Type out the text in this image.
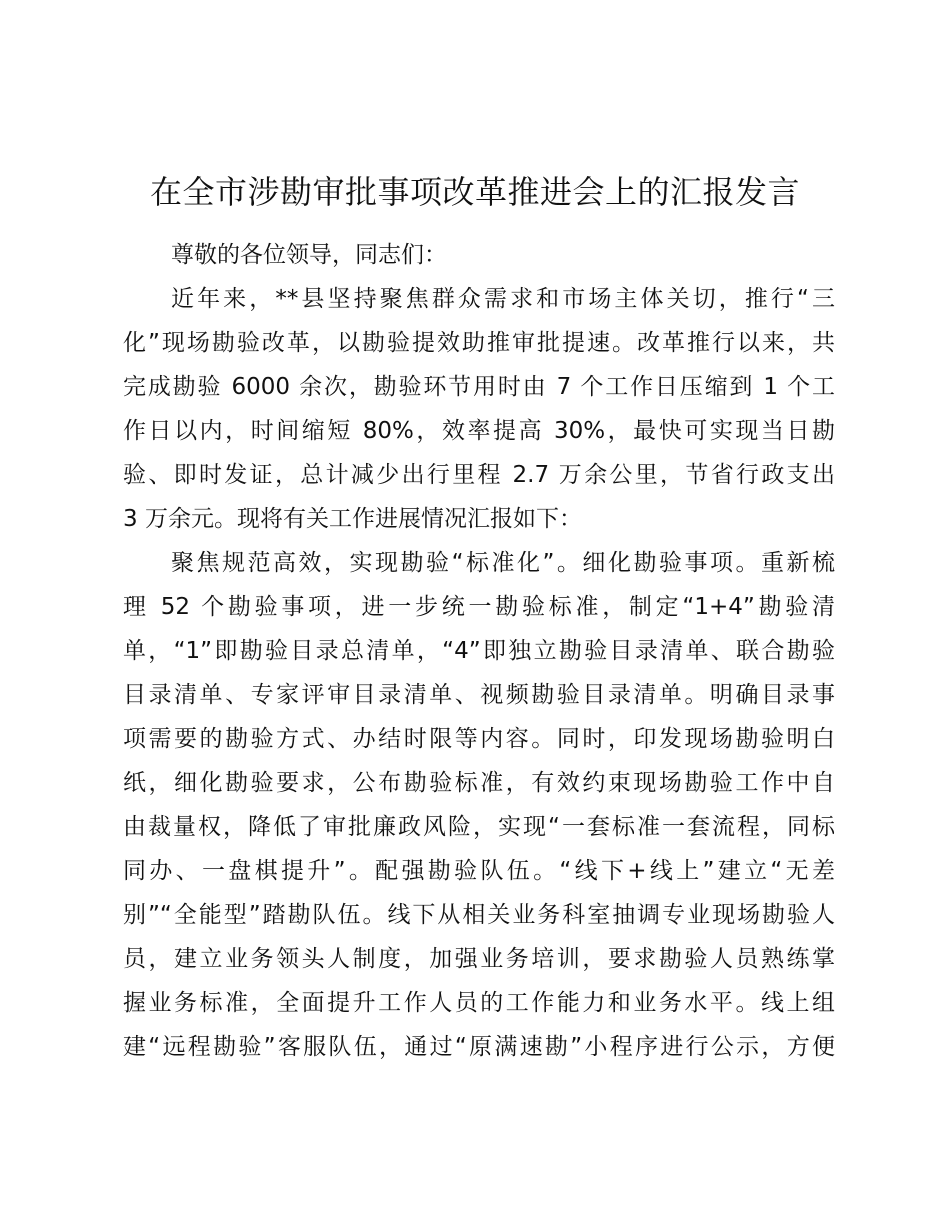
在全市涉勘审批事项改革推进会上的汇报发言
尊敬的各位领导，同志们：
近年来，**县坚持聚焦群众需求和市场主体关切，推行“三
化”现场勘验改革，以勘验提效助推审批提速。改革推行以来，共
完成勘验 6000 余次，勘验环节用时由 7 个工作日压缩到 1 个工
作日以内，时间缩短 80%，效率提高 30%，最快可实现当日勘
验、即时发证，总计减少出行里程 2.7 万余公里，节省行政支出
3 万余元。现将有关工作进展情况汇报如下：
聚焦规范高效，实现勘验“标准化”。细化勘验事项。重新梳
理 52 个勘验事项，进一步统一勘验标准，制定“1+4”勘验清
单，“1”即勘验目录总清单，“4”即独立勘验目录清单、联合勘验
目录清单、专家评审目录清单、视频勘验目录清单。明确目录事
项需要的勘验方式、办结时限等内容。同时，印发现场勘验明白
纸，细化勘验要求，公布勘验标准，有效约束现场勘验工作中自
由裁量权，降低了审批廉政风险，实现“一套标准一套流程，同标
同办、一盘棋提升”。配强勘验队伍。“线下+线上”建立“无差
别”“全能型”踏勘队伍。线下从相关业务科室抽调专业现场勘验人
员，建立业务领头人制度，加强业务培训，要求勘验人员熟练掌
握业务标准，全面提升工作人员的工作能力和业务水平。线上组
建“远程勘验”客服队伍，通过“原满速勘”小程序进行公示，方便
